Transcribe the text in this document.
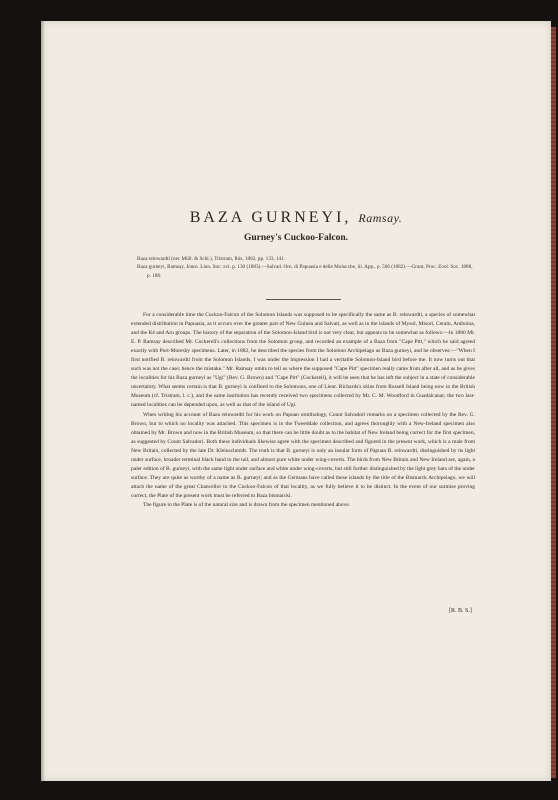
BAZA GURNEYI, Ramsay.
Gurney's Cuckoo-Falcon.

Baza reinwardti (nec Müll. & Schl.), Tristram, Ibis, 1882, pp. 133, 141.

Baza gurneyi, Ramsay, Journ. Linn. Soc. xvi. p. 130 (1883).—Salvad. Orn. di Papuasia e delle Molucche, iii. App., p. 506 (1882).—Grant, Proc. Zool. Soc. 1888, p. 188.

For a considerable time the Cuckoo-Falcon of the Solomon Islands was supposed to be specifically the same as B. reinwardti, a species of somewhat extended distribution in Papuasia, as it occurs over the greater part of New Guinea and Salvati, as well as in the islands of Mysol, Misori, Ceram, Amboina, and the Ké and Aru groups. The history of the separation of the Solomon-Island bird is not very clear, but appears to be somewhat as follows:—In 1880 Mr. E. P. Ramsay described Mr. Cockerell's collections from the Solomon group, and recorded an example of a Baza from "Cape Pitt," which he said agreed exactly with Port-Moresby specimens. Later, in 1882, he described the species from the Solomon Archipelago as Baza gurneyi, and he observes:—"When I first notified B. reinwardti from the Solomon Islands, I was under the impression I had a veritable Solomon-Island bird before me. It now turns out that such was not the case; hence the mistake." Mr. Ramsay omits to tell us where the supposed "Cape Pitt" specimen really came from after all, and as he gives the localities for his Baza gurneyi as "Ugi" (Rev. G. Brown) and "Cape Pitt" (Cockerell), it will be seen that he has left the subject in a state of considerable uncertainty. What seems certain is that B. gurneyi is confined to the Solomons, one of Lieut. Richards's skins from Russell Island being now in the British Museum (cf. Tristram, l. c.), and the same institution has recently received two specimens collected by Mr. C. M. Woodford in Guadalcanar; the two last-named localities can be depended upon, as well as that of the island of Ugi.

When writing his account of Baza reinwardti for his work on Papuan ornithology, Count Salvadori remarks on a specimen collected by the Rev. G. Brown, but to which no locality was attached. This specimen is in the Tweeddale collection, and agrees thoroughly with a New-Ireland specimen also obtained by Mr. Brown and now in the British Museum, so that there can be little doubt as to the habitat of New Ireland being correct for the first specimen, as suggested by Count Salvadori. Both these individuals likewise agree with the specimen described and figured in the present work, which is a male from New Britain, collected by the late Dr. Kleinschmidt. The truth is that B. gurneyi is only an insular form of Papuan B. reinwardti, distinguished by its light under surface, broader terminal black band to the tail, and almost pure white under wing-coverts. The birds from New Britain and New Ireland are, again, a paler edition of B. gurneyi, with the same light under surface and white under wing-coverts, but still further distinguished by the light grey bars of the under surface. They are quite as worthy of a name as B. gurneyi; and as the Germans have called these islands by the title of the Bismarck Archipelago, we will attach the name of the great Chancellor to the Cuckoo-Falcon of that locality, as we fully believe it to be distinct. In the event of our surmise proving correct, the Plate of the present work must be referred to Baza bismarcki.

The figure in the Plate is of the natural size and is drawn from the specimen mentioned above.

[R. B. S.]
